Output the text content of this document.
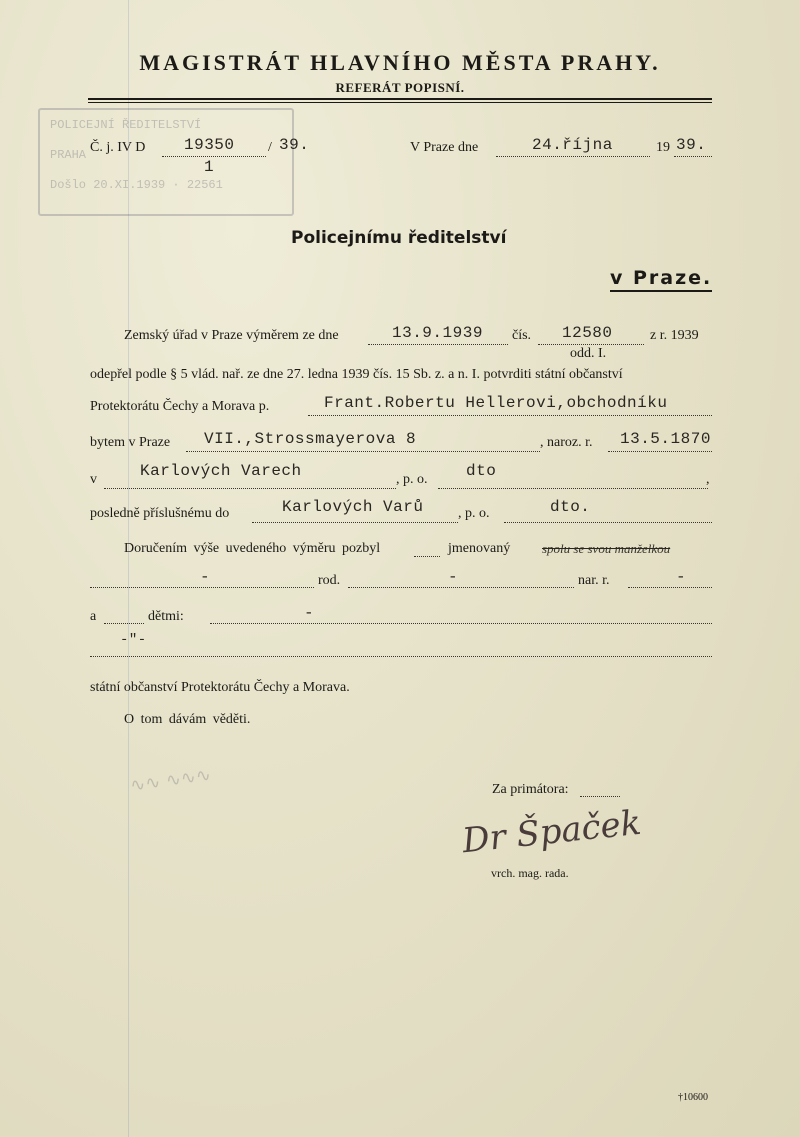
POLICEJNÍ ŘEDITELSTVÍ
PRAHA
Došlo 20.XI.1939 · 22561
MAGISTRÁT HLAVNÍHO MĚSTA PRAHY.
REFERÁT POPISNÍ.
Č. j. IV D 19350
1
/ 39.	V Praze dne	24.října	19 39.
Policejnímu ředitelství
v Praze.
Zemský úřad v Praze výměrem ze dne	13.9.1939 čís. 12580	z r. 1939
odd. I.
odepřel podle § 5 vlád. nař. ze dne 27. ledna 1939 čís. 15 Sb. z. a n. I. potvrditi státní občanství
Protektorátu Čechy a Morava p.	Frant.Robertu Hellerovi,obchodníku
bytem v Praze VII.,Strossmayerova 8	, naroz. r. 13.5.1870
v	Karlových Varech	, p. o. dto	,
posledně příslušnému do	Karlových Varů , p. o.	dto.
Doručením výše uvedeného výměru pozbyl	jmenovaný spolu se svou manželkou
-	rod.	-	nar. r.	-
a	dětmi:	-
-"-
státní občanství Protektorátu Čechy a Morava.
O tom dávám věděti.
∿∿ ∿∿∿	Za primátora:
Dr Špaček
vrch. mag. rada.
†10600
